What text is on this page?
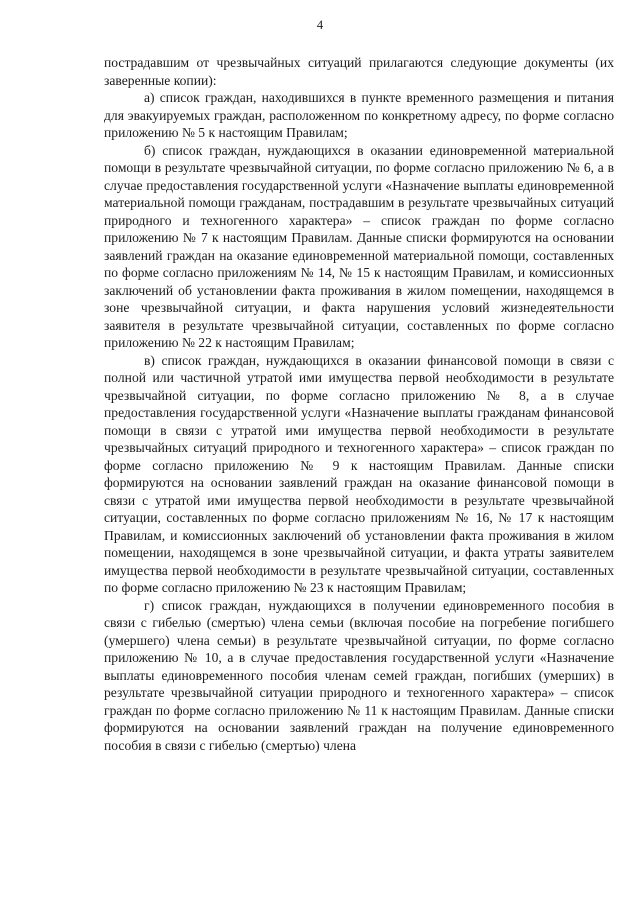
4

пострадавшим от чрезвычайных ситуаций прилагаются следующие документы (их заверенные копии):

а) список граждан, находившихся в пункте временного размещения и питания для эвакуируемых граждан, расположенном по конкретному адресу, по форме согласно приложению № 5 к настоящим Правилам;

б) список граждан, нуждающихся в оказании единовременной материальной помощи в результате чрезвычайной ситуации, по форме согласно приложению № 6, а в случае предоставления государственной услуги «Назначение выплаты единовременной материальной помощи гражданам, пострадавшим в результате чрезвычайных ситуаций природного и техногенного характера» – список граждан по форме согласно приложению № 7 к настоящим Правилам. Данные списки формируются на основании заявлений граждан на оказание единовременной материальной помощи, составленных по форме согласно приложениям № 14, № 15 к настоящим Правилам, и комиссионных заключений об установлении факта проживания в жилом помещении, находящемся в зоне чрезвычайной ситуации, и факта нарушения условий жизнедеятельности заявителя в результате чрезвычайной ситуации, составленных по форме согласно приложению № 22 к настоящим Правилам;

в) список граждан, нуждающихся в оказании финансовой помощи в связи с полной или частичной утратой ими имущества первой необходимости в результате чрезвычайной ситуации, по форме согласно приложению № 8, а в случае предоставления государственной услуги «Назначение выплаты гражданам финансовой помощи в связи с утратой ими имущества первой необходимости в результате чрезвычайных ситуаций природного и техногенного характера» – список граждан по форме согласно приложению № 9 к настоящим Правилам. Данные списки формируются на основании заявлений граждан на оказание финансовой помощи в связи с утратой ими имущества первой необходимости в результате чрезвычайной ситуации, составленных по форме согласно приложениям № 16, № 17 к настоящим Правилам, и комиссионных заключений об установлении факта проживания в жилом помещении, находящемся в зоне чрезвычайной ситуации, и факта утраты заявителем имущества первой необходимости в результате чрезвычайной ситуации, составленных по форме согласно приложению № 23 к настоящим Правилам;

г) список граждан, нуждающихся в получении единовременного пособия в связи с гибелью (смертью) члена семьи (включая пособие на погребение погибшего (умершего) члена семьи) в результате чрезвычайной ситуации, по форме согласно приложению № 10, а в случае предоставления государственной услуги «Назначение выплаты единовременного пособия членам семей граждан, погибших (умерших) в результате чрезвычайной ситуации природного и техногенного характера» – список граждан по форме согласно приложению № 11 к настоящим Правилам. Данные списки формируются на основании заявлений граждан на получение единовременного пособия в связи с гибелью (смертью) члена
